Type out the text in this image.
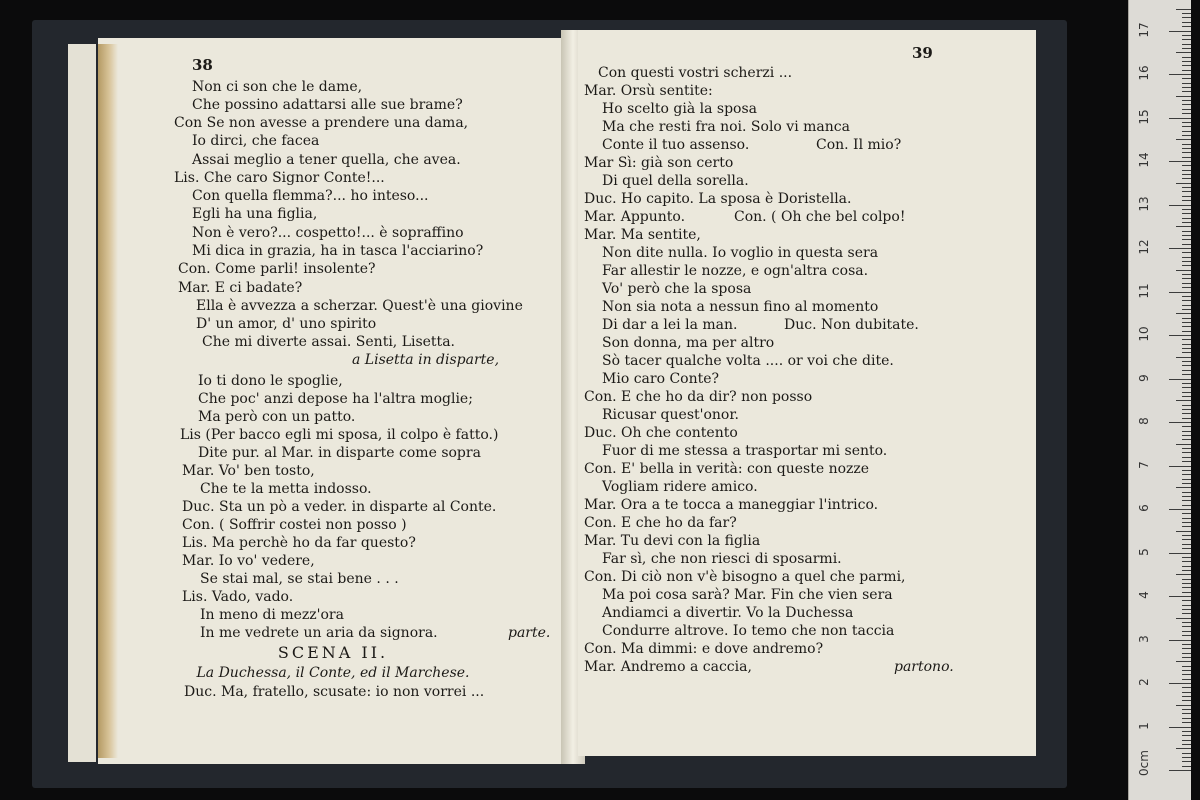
38
Non ci son che le dame,
Che possino adattarsi alle sue brame?
Con Se non avesse a prendere una dama,
Io dirci, che facea
Assai meglio a tener quella, che avea.
Lis. Che caro Signor Conte!...
Con quella flemma?... ho inteso...
Egli ha una figlia,
Non è vero?... cospetto!... è sopraffino
Mi dica in grazia, ha in tasca l'acciarino?
Con. Come parli! insolente?
Mar. E ci badate?
Ella è avvezza a scherzar. Quest'è una giovine
D' un amor, d' uno spirito
Che mi diverte assai. Senti, Lisetta.
a Lisetta in disparte,
Io ti dono le spoglie,
Che poc' anzi depose ha l'altra moglie;
Ma però con un patto.
Lis (Per bacco egli mi sposa, il colpo è fatto.)
Dite pur. al Mar. in disparte come sopra
Mar. Vo' ben tosto,
Che te la metta indosso.
Duc. Sta un pò a veder. in disparte al Conte.
Con. ( Soffrir costei non posso )
Lis. Ma perchè ho da far questo?
Mar. Io vo' vedere,
Se stai mal, se stai bene . . .
Lis. Vado, vado.
In meno di mezz'ora
In me vedrete un aria da signora.	parte.
SCENA II.
La Duchessa, il Conte, ed il Marchese.
Duc. Ma, fratello, scusate: io non vorrei ...
39
Con questi vostri scherzi ...
Mar. Orsù sentite:
Ho scelto già la sposa
Ma che resti fra noi. Solo vi manca
Conte il tuo assenso.	Con. Il mio?
Mar Sì: già son certo
Di quel della sorella.
Duc. Ho capito. La sposa è Doristella.
Mar. Appunto.	Con. ( Oh che bel colpo!
Mar. Ma sentite,
Non dite nulla. Io voglio in questa sera
Far allestir le nozze, e ogn'altra cosa.
Vo' però che la sposa
Non sia nota a nessun fino al momento
Di dar a lei la man.	Duc. Non dubitate.
Son donna, ma per altro
Sò tacer qualche volta .... or voi che dite.
Mio caro Conte?
Con. E che ho da dir? non posso
Ricusar quest'onor.
Duc. Oh che contento
Fuor di me stessa a trasportar mi sento.
Con. E' bella in verità: con queste nozze
Vogliam ridere amico.
Mar. Ora a te tocca a maneggiar l'intrico.
Con. E che ho da far?
Mar. Tu devi con la figlia
Far sì, che non riesci di sposarmi.
Con. Di ciò non v'è bisogno a quel che parmi,
Ma poi cosa sarà? Mar. Fin che vien sera
Andiamci a divertir. Vo la Duchessa
Condurre altrove. Io temo che non taccia
Con. Ma dimmi: e dove andremo?
Mar. Andremo a caccia,	partono.
1
2
3
4
5
6
7
8
9
10
11
12
13
14
15
16
17
0cm
